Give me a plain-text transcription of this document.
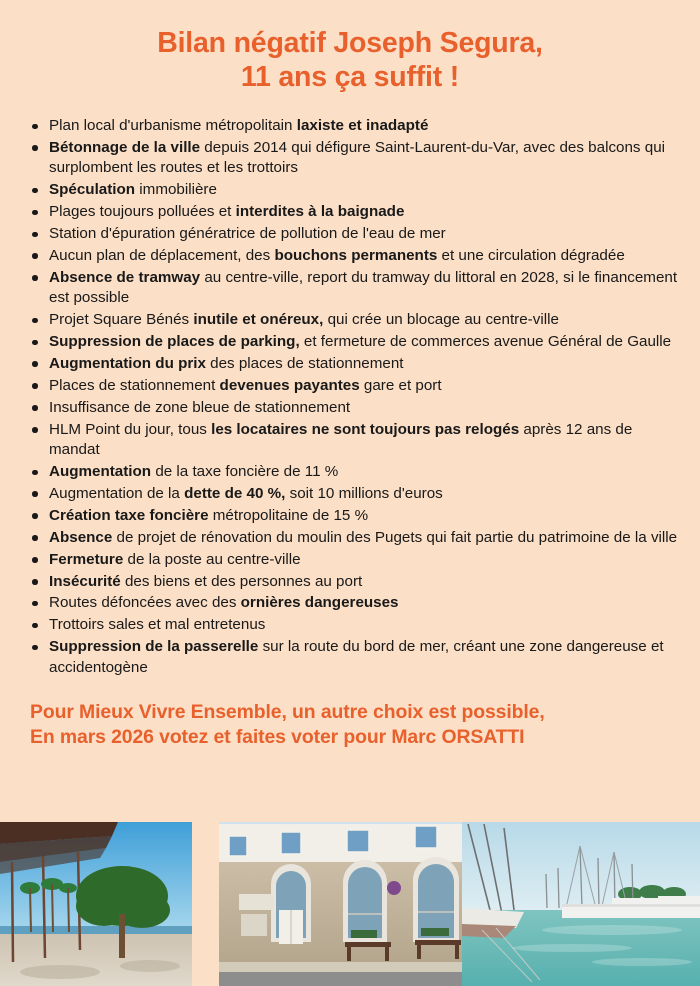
Bilan négatif Joseph Segura,
11 ans ça suffit !
Plan local d'urbanisme métropolitain laxiste et inadapté
Bétonnage de la ville depuis 2014 qui défigure Saint-Laurent-du-Var, avec des balcons qui surplombent les routes et les trottoirs
Spéculation immobilière
Plages toujours polluées et interdites à la baignade
Station d'épuration génératrice de pollution de l'eau de mer
Aucun plan de déplacement, des bouchons permanents et une circulation dégradée
Absence de tramway au centre-ville, report du tramway du littoral en 2028, si le financement est possible
Projet Square Bénés inutile et onéreux, qui crée un blocage au centre-ville
Suppression de places de parking, et fermeture de commerces avenue Général de Gaulle
Augmentation du prix des places de stationnement
Places de stationnement devenues payantes gare et port
Insuffisance de zone bleue de stationnement
HLM Point du jour, tous les locataires ne sont toujours pas relogés après 12 ans de mandat
Augmentation de la taxe foncière de 11 %
Augmentation de la dette de 40 %, soit 10 millions d'euros
Création taxe foncière métropolitaine de 15 %
Absence de projet de rénovation du moulin des Pugets qui fait partie du patrimoine de la ville
Fermeture de la poste au centre-ville
Insécurité des biens et des personnes au port
Routes défoncées avec des ornières dangereuses
Trottoirs sales et mal entretenus
Suppression de la passerelle sur la route du bord de mer, créant une zone dangereuse et accidentogène
Pour Mieux Vivre Ensemble, un autre choix est possible,
En mars 2026 votez et faites voter pour Marc ORSATTI
